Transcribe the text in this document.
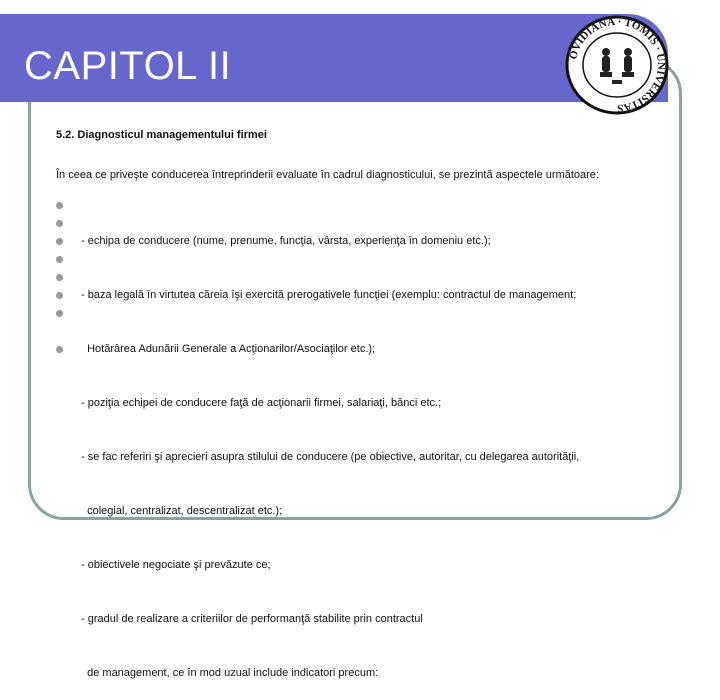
CAPITOL II	OVIDIANA · TOMIS · UNIVERSITAS

5.2. Diagnosticul managementului firmei

În ceea ce priveşte conducerea întreprinderii evaluate în cadrul diagnosticului, se prezintă aspectele următoare:

- echipa de conducere (nume, prenume, funcţia, vârsta, experienţa în domeniu etc.);

- baza legală în virtutea căreia îşi exercită prerogativele funcţiei (exemplu: contractul de management;

Hotărârea Adunării Generale a Acţionarilor/Asociaţilor etc.);

- poziţia echipei de conducere faţă de acţionarii firmei, salariaţi, bănci etc.;

- se fac referiri şi aprecieri asupra stilului de conducere (pe obiective, autoritar, cu delegarea autorităţii,

colegial, centralizat, descentralizat etc.);

- obiectivele negociate şi prevăzute ce;

- gradul de realizare a criteriilor de performanţă stabilite prin contractul

de management, ce în mod uzual include indicatori precum:
